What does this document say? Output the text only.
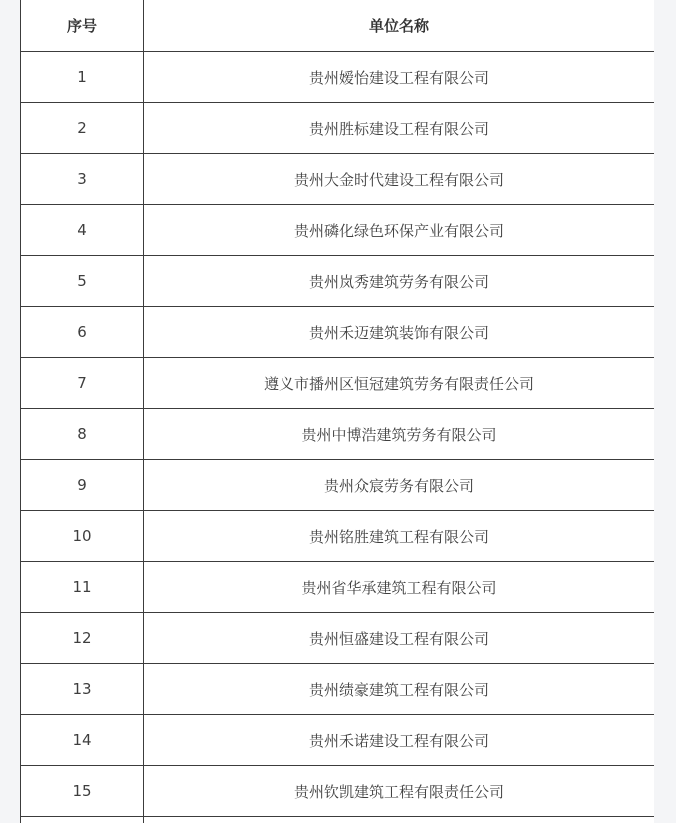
序号	单位名称
1	贵州嫒怡建设工程有限公司
2	贵州胜标建设工程有限公司
3	贵州大金时代建设工程有限公司
4	贵州磷化绿色环保产业有限公司
5	贵州岚秀建筑劳务有限公司
6	贵州禾迈建筑装饰有限公司
7	遵义市播州区恒冠建筑劳务有限责任公司
8	贵州中博浩建筑劳务有限公司
9	贵州众宸劳务有限公司
10	贵州铭胜建筑工程有限公司
11	贵州省华承建筑工程有限公司
12	贵州恒盛建设工程有限公司
13	贵州绩豪建筑工程有限公司
14	贵州禾诺建设工程有限公司
15	贵州钦凯建筑工程有限责任公司
